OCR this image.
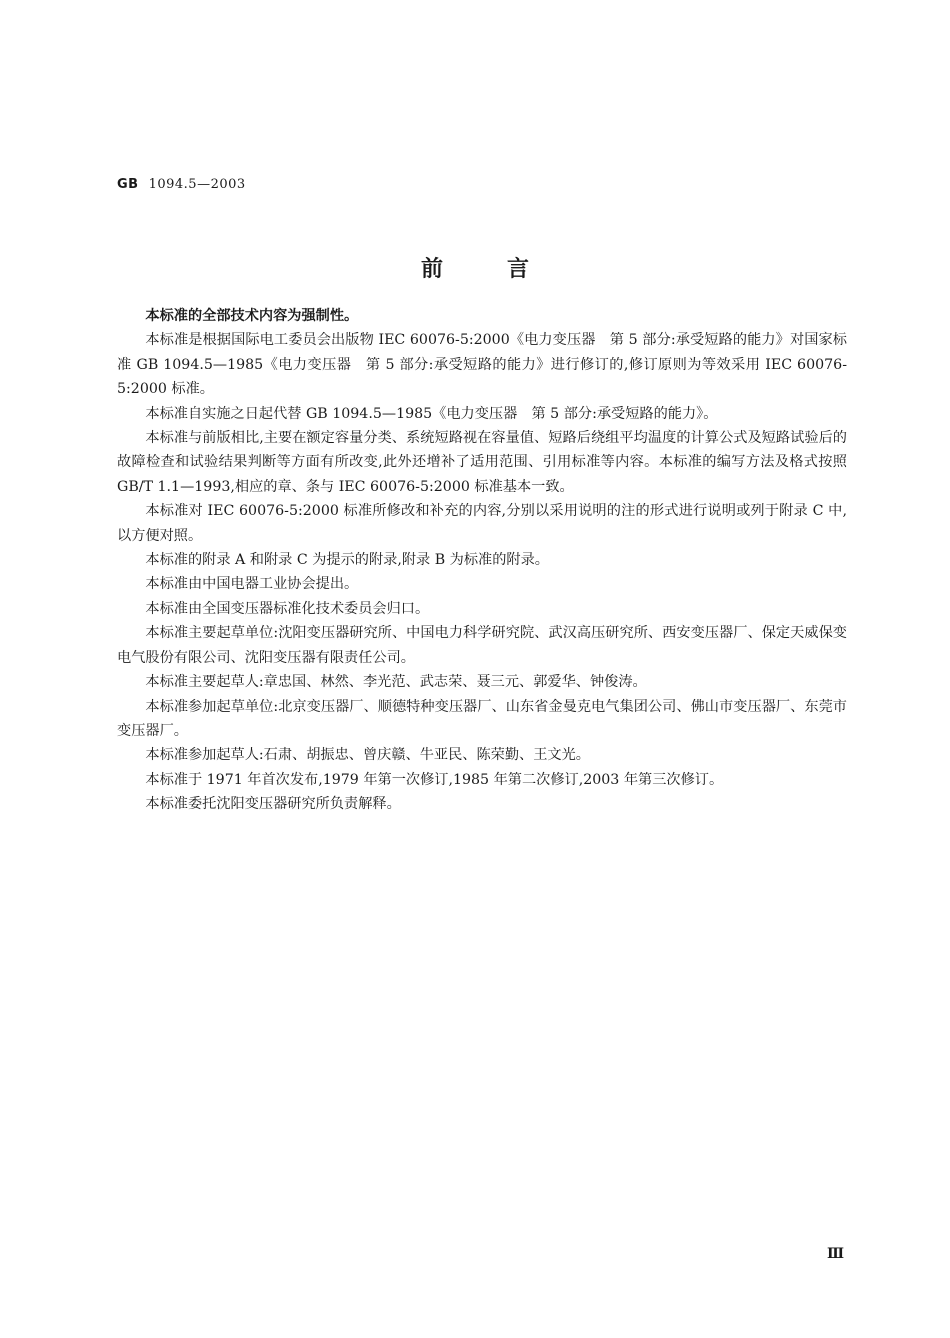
GB 1094.5—2003
前言

本标准的全部技术内容为强制性。

本标准是根据国际电工委员会出版物 IEC 60076-5:2000《电力变压器　第 5 部分:承受短路的能力》对国家标准 GB 1094.5—1985《电力变压器　第 5 部分:承受短路的能力》进行修订的,修订原则为等效采用 IEC 60076-5:2000 标准。

本标准自实施之日起代替 GB 1094.5—1985《电力变压器　第 5 部分:承受短路的能力》。

本标准与前版相比,主要在额定容量分类、系统短路视在容量值、短路后绕组平均温度的计算公式及短路试验后的故障检查和试验结果判断等方面有所改变,此外还增补了适用范围、引用标准等内容。本标准的编写方法及格式按照 GB/T 1.1—1993,相应的章、条与 IEC 60076-5:2000 标准基本一致。

本标准对 IEC 60076-5:2000 标准所修改和补充的内容,分别以采用说明的注的形式进行说明或列于附录 C 中,以方便对照。

本标准的附录 A 和附录 C 为提示的附录,附录 B 为标准的附录。

本标准由中国电器工业协会提出。

本标准由全国变压器标准化技术委员会归口。

本标准主要起草单位:沈阳变压器研究所、中国电力科学研究院、武汉高压研究所、西安变压器厂、保定天威保变电气股份有限公司、沈阳变压器有限责任公司。

本标准主要起草人:章忠国、林然、李光范、武志荣、聂三元、郭爱华、钟俊涛。

本标准参加起草单位:北京变压器厂、顺德特种变压器厂、山东省金曼克电气集团公司、佛山市变压器厂、东莞市变压器厂。

本标准参加起草人:石肃、胡振忠、曾庆赣、牛亚民、陈荣勤、王文光。

本标准于 1971 年首次发布,1979 年第一次修订,1985 年第二次修订,2003 年第三次修订。

本标准委托沈阳变压器研究所负责解释。

Ⅲ
